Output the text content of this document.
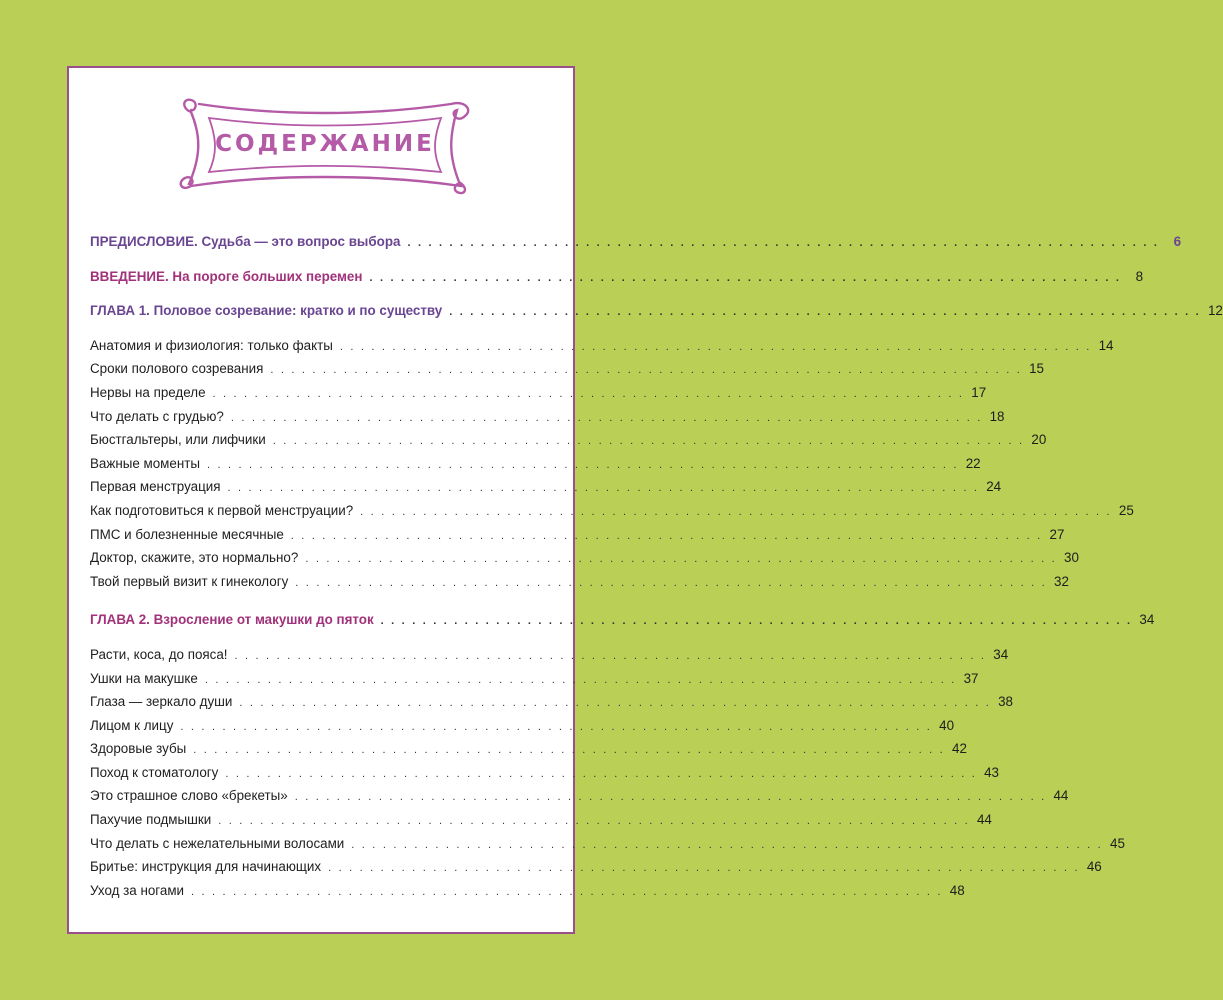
СОДЕРЖАНИЕ
ПРЕДИСЛОВИЕ. Судьба — это вопрос выбора . . . . . . . . . . . . . . . . . . . . . . . . . . . . . . . . . . . . . . . . . . . . . . . . . . . . . . . . . . . . . . . . . . . . . . . .	6
ВВЕДЕНИЕ. На пороге больших перемен . . . . . . . . . . . . . . . . . . . . . . . . . . . . . . . . . . . . . . . . . . . . . . . . . . . . . . . . . . . . . . . . . . . . . . . .	8
ГЛАВА 1. Половое созревание: кратко и по существу . . . . . . . . . . . . . . . . . . . . . . . . . . . . . . . . . . . . . . . . . . . . . . . . . . . . . . . . . . . . . . . . . . . . . . . . 12
Анатомия и физиология: только факты . . . . . . . . . . . . . . . . . . . . . . . . . . . . . . . . . . . . . . . . . . . . . . . . . . . . . . . . . . . . . . . . . . . . . . . . 14
Сроки полового созревания . . . . . . . . . . . . . . . . . . . . . . . . . . . . . . . . . . . . . . . . . . . . . . . . . . . . . . . . . . . . . . . . . . . . . . . . 15
Нервы на пределе . . . . . . . . . . . . . . . . . . . . . . . . . . . . . . . . . . . . . . . . . . . . . . . . . . . . . . . . . . . . . . . . . . . . . . . . 17
Что делать с грудью? . . . . . . . . . . . . . . . . . . . . . . . . . . . . . . . . . . . . . . . . . . . . . . . . . . . . . . . . . . . . . . . . . . . . . . . . 18
Бюстгальтеры, или лифчики . . . . . . . . . . . . . . . . . . . . . . . . . . . . . . . . . . . . . . . . . . . . . . . . . . . . . . . . . . . . . . . . . . . . . . . . 20
Важные моменты . . . . . . . . . . . . . . . . . . . . . . . . . . . . . . . . . . . . . . . . . . . . . . . . . . . . . . . . . . . . . . . . . . . . . . . . 22
Первая менструация . . . . . . . . . . . . . . . . . . . . . . . . . . . . . . . . . . . . . . . . . . . . . . . . . . . . . . . . . . . . . . . . . . . . . . . . 24
Как подготовиться к первой менструации? . . . . . . . . . . . . . . . . . . . . . . . . . . . . . . . . . . . . . . . . . . . . . . . . . . . . . . . . . . . . . . . . . . . . . . . . 25
ПМС и болезненные месячные . . . . . . . . . . . . . . . . . . . . . . . . . . . . . . . . . . . . . . . . . . . . . . . . . . . . . . . . . . . . . . . . . . . . . . . . 27
Доктор, скажите, это нормально? . . . . . . . . . . . . . . . . . . . . . . . . . . . . . . . . . . . . . . . . . . . . . . . . . . . . . . . . . . . . . . . . . . . . . . . . 30
Твой первый визит к гинекологу . . . . . . . . . . . . . . . . . . . . . . . . . . . . . . . . . . . . . . . . . . . . . . . . . . . . . . . . . . . . . . . . . . . . . . . . 32
ГЛАВА 2. Взросление от макушки до пяток . . . . . . . . . . . . . . . . . . . . . . . . . . . . . . . . . . . . . . . . . . . . . . . . . . . . . . . . . . . . . . . . . . . . . . . . 34
Расти, коса, до пояса! . . . . . . . . . . . . . . . . . . . . . . . . . . . . . . . . . . . . . . . . . . . . . . . . . . . . . . . . . . . . . . . . . . . . . . . . 34
Ушки на макушке . . . . . . . . . . . . . . . . . . . . . . . . . . . . . . . . . . . . . . . . . . . . . . . . . . . . . . . . . . . . . . . . . . . . . . . . 37
Глаза — зеркало души . . . . . . . . . . . . . . . . . . . . . . . . . . . . . . . . . . . . . . . . . . . . . . . . . . . . . . . . . . . . . . . . . . . . . . . . 38
Лицом к лицу . . . . . . . . . . . . . . . . . . . . . . . . . . . . . . . . . . . . . . . . . . . . . . . . . . . . . . . . . . . . . . . . . . . . . . . . 40
Здоровые зубы . . . . . . . . . . . . . . . . . . . . . . . . . . . . . . . . . . . . . . . . . . . . . . . . . . . . . . . . . . . . . . . . . . . . . . . . 42
Поход к стоматологу . . . . . . . . . . . . . . . . . . . . . . . . . . . . . . . . . . . . . . . . . . . . . . . . . . . . . . . . . . . . . . . . . . . . . . . . 43
Это страшное слово «брекеты» . . . . . . . . . . . . . . . . . . . . . . . . . . . . . . . . . . . . . . . . . . . . . . . . . . . . . . . . . . . . . . . . . . . . . . . . 44
Пахучие подмышки . . . . . . . . . . . . . . . . . . . . . . . . . . . . . . . . . . . . . . . . . . . . . . . . . . . . . . . . . . . . . . . . . . . . . . . . 44
Что делать с нежелательными волосами . . . . . . . . . . . . . . . . . . . . . . . . . . . . . . . . . . . . . . . . . . . . . . . . . . . . . . . . . . . . . . . . . . . . . . . . 45
Бритье: инструкция для начинающих . . . . . . . . . . . . . . . . . . . . . . . . . . . . . . . . . . . . . . . . . . . . . . . . . . . . . . . . . . . . . . . . . . . . . . . . 46
Уход за ногами . . . . . . . . . . . . . . . . . . . . . . . . . . . . . . . . . . . . . . . . . . . . . . . . . . . . . . . . . . . . . . . . . . . . . . . . 48
